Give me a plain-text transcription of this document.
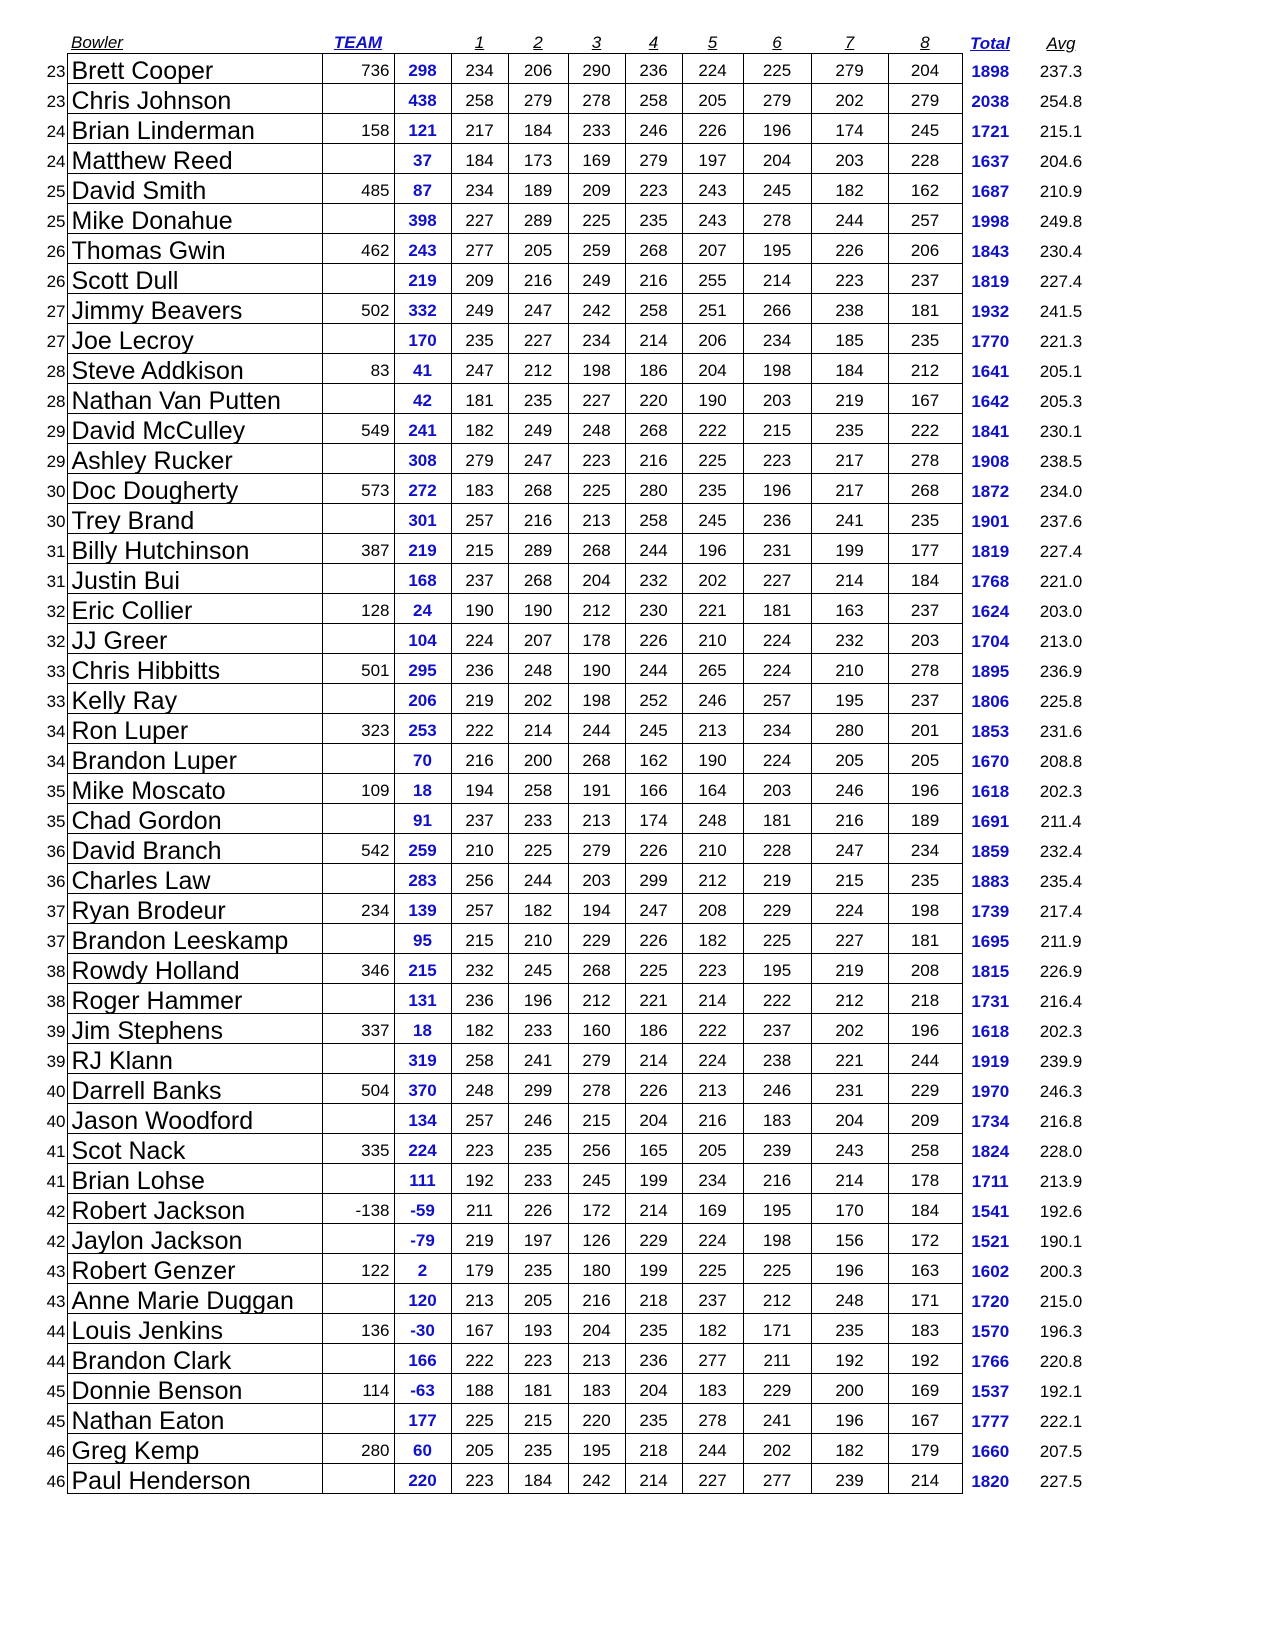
	Bowler	TEAM		1	2	3	4	5	6	7	8	Total	Avg
23	Brett Cooper	736	298	234	206	290	236	224	225	279	204	1898	237.3
23	Chris Johnson		438	258	279	278	258	205	279	202	279	2038	254.8
24	Brian Linderman	158	121	217	184	233	246	226	196	174	245	1721	215.1
24	Matthew Reed		37	184	173	169	279	197	204	203	228	1637	204.6
25	David Smith	485	87	234	189	209	223	243	245	182	162	1687	210.9
25	Mike Donahue		398	227	289	225	235	243	278	244	257	1998	249.8
26	Thomas Gwin	462	243	277	205	259	268	207	195	226	206	1843	230.4
26	Scott Dull		219	209	216	249	216	255	214	223	237	1819	227.4
27	Jimmy Beavers	502	332	249	247	242	258	251	266	238	181	1932	241.5
27	Joe Lecroy		170	235	227	234	214	206	234	185	235	1770	221.3
28	Steve Addkison	83	41	247	212	198	186	204	198	184	212	1641	205.1
28	Nathan Van Putten		42	181	235	227	220	190	203	219	167	1642	205.3
29	David McCulley	549	241	182	249	248	268	222	215	235	222	1841	230.1
29	Ashley Rucker		308	279	247	223	216	225	223	217	278	1908	238.5
30	Doc Dougherty	573	272	183	268	225	280	235	196	217	268	1872	234.0
30	Trey Brand		301	257	216	213	258	245	236	241	235	1901	237.6
31	Billy Hutchinson	387	219	215	289	268	244	196	231	199	177	1819	227.4
31	Justin Bui		168	237	268	204	232	202	227	214	184	1768	221.0
32	Eric Collier	128	24	190	190	212	230	221	181	163	237	1624	203.0
32	JJ Greer		104	224	207	178	226	210	224	232	203	1704	213.0
33	Chris Hibbitts	501	295	236	248	190	244	265	224	210	278	1895	236.9
33	Kelly Ray		206	219	202	198	252	246	257	195	237	1806	225.8
34	Ron Luper	323	253	222	214	244	245	213	234	280	201	1853	231.6
34	Brandon Luper		70	216	200	268	162	190	224	205	205	1670	208.8
35	Mike Moscato	109	18	194	258	191	166	164	203	246	196	1618	202.3
35	Chad Gordon		91	237	233	213	174	248	181	216	189	1691	211.4
36	David Branch	542	259	210	225	279	226	210	228	247	234	1859	232.4
36	Charles Law		283	256	244	203	299	212	219	215	235	1883	235.4
37	Ryan Brodeur	234	139	257	182	194	247	208	229	224	198	1739	217.4
37	Brandon Leeskamp		95	215	210	229	226	182	225	227	181	1695	211.9
38	Rowdy Holland	346	215	232	245	268	225	223	195	219	208	1815	226.9
38	Roger Hammer		131	236	196	212	221	214	222	212	218	1731	216.4
39	Jim Stephens	337	18	182	233	160	186	222	237	202	196	1618	202.3
39	RJ Klann		319	258	241	279	214	224	238	221	244	1919	239.9
40	Darrell Banks	504	370	248	299	278	226	213	246	231	229	1970	246.3
40	Jason Woodford		134	257	246	215	204	216	183	204	209	1734	216.8
41	Scot Nack	335	224	223	235	256	165	205	239	243	258	1824	228.0
41	Brian Lohse		111	192	233	245	199	234	216	214	178	1711	213.9
42	Robert Jackson	-138	-59	211	226	172	214	169	195	170	184	1541	192.6
42	Jaylon Jackson		-79	219	197	126	229	224	198	156	172	1521	190.1
43	Robert Genzer	122	2	179	235	180	199	225	225	196	163	1602	200.3
43	Anne Marie Duggan		120	213	205	216	218	237	212	248	171	1720	215.0
44	Louis Jenkins	136	-30	167	193	204	235	182	171	235	183	1570	196.3
44	Brandon Clark		166	222	223	213	236	277	211	192	192	1766	220.8
45	Donnie Benson	114	-63	188	181	183	204	183	229	200	169	1537	192.1
45	Nathan Eaton		177	225	215	220	235	278	241	196	167	1777	222.1
46	Greg Kemp	280	60	205	235	195	218	244	202	182	179	1660	207.5
46	Paul Henderson		220	223	184	242	214	227	277	239	214	1820	227.5
